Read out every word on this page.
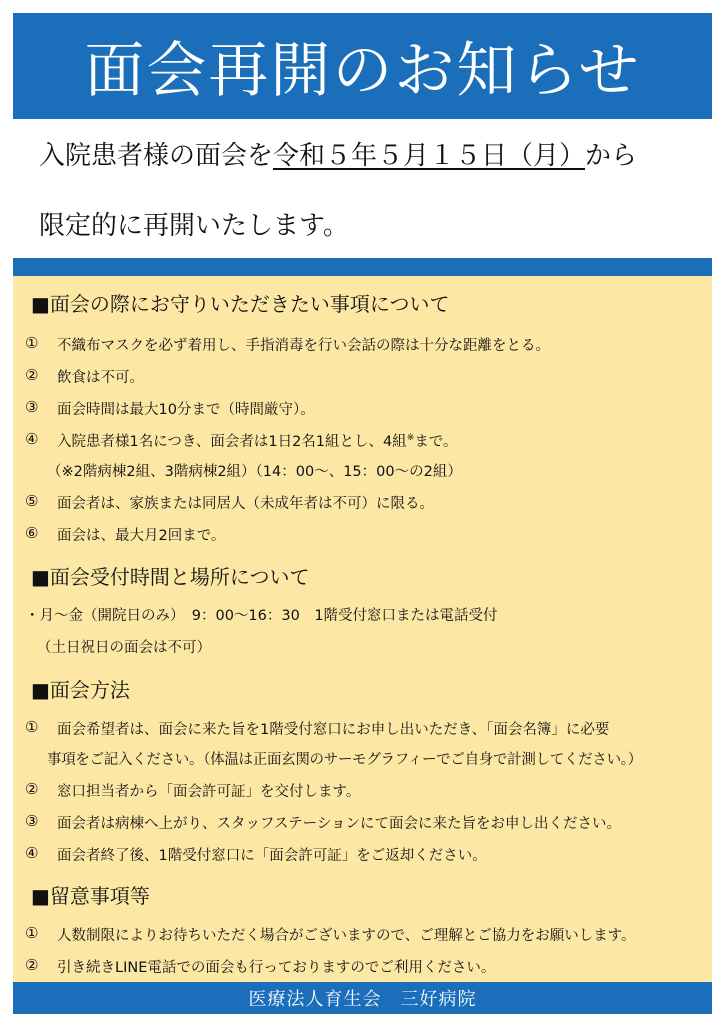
面会再開のお知らせ
入院患者様の面会を令和５年５月１５日（月）から
限定的に再開いたします。
■面会の際にお守りいただきたい事項について
① 不織布マスクを必ず着用し、手指消毒を行い会話の際は十分な距離をとる。
② 飲食は不可。
③ 面会時間は最大10分まで（時間厳守）。
④ 入院患者様1名につき、面会者は1日2名1組とし、4組※まで。
（※2階病棟2組、3階病棟2組）（14：00～、15：00～の2組）
⑤ 面会者は、家族または同居人（未成年者は不可）に限る。
⑥ 面会は、最大月2回まで。
■面会受付時間と場所について
・月～金（開院日のみ）　9：00～16：30　1階受付窓口または電話受付
（土日祝日の面会は不可）
■面会方法
① 面会希望者は、面会に来た旨を1階受付窓口にお申し出いただき、「面会名簿」に必要
事項をご記入ください。（体温は正面玄関のサーモグラフィーでご自身で計測してください。）
② 窓口担当者から「面会許可証」を交付します。
③ 面会者は病棟へ上がり、スタッフステーションにて面会に来た旨をお申し出ください。
④ 面会者終了後、1階受付窓口に「面会許可証」をご返却ください。
■留意事項等
① 人数制限によりお待ちいただく場合がございますので、ご理解とご協力をお願いします。
② 引き続きLINE電話での面会も行っておりますのでご利用ください。
医療法人育生会　三好病院
